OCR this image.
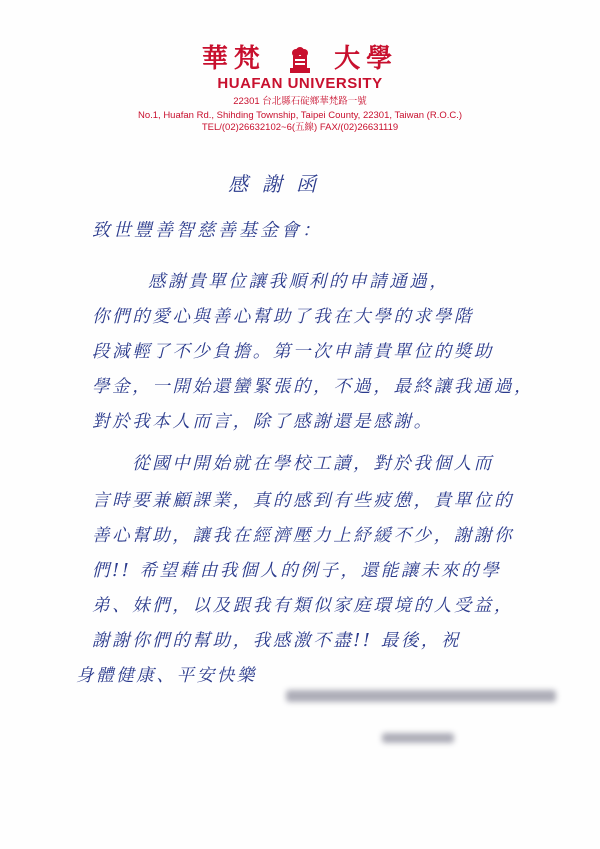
華梵	大學
HUAFAN UNIVERSITY
22301 台北縣石碇鄉華梵路一號
No.1, Huafan Rd., Shihding Township, Taipei County, 22301, Taiwan (R.O.C.)
TEL/(02)26632102~6(五線) FAX/(02)26631119
感謝函
致世豐善智慈善基金會：
感謝貴單位讓我順利的申請通過，
你們的愛心與善心幫助了我在大學的求學階
段減輕了不少負擔。第一次申請貴單位的獎助
學金，一開始還蠻緊張的，不過，最終讓我通過，
對於我本人而言，除了感謝還是感謝。
從國中開始就在學校工讀，對於我個人而
言時要兼顧課業，真的感到有些疲憊，貴單位的
善心幫助，讓我在經濟壓力上紓緩不少，謝謝你
們!! 希望藉由我個人的例子，還能讓未來的學
弟、妹們，以及跟我有類似家庭環境的人受益，
謝謝你們的幫助，我感激不盡!! 最後，祝
身體健康、平安快樂
